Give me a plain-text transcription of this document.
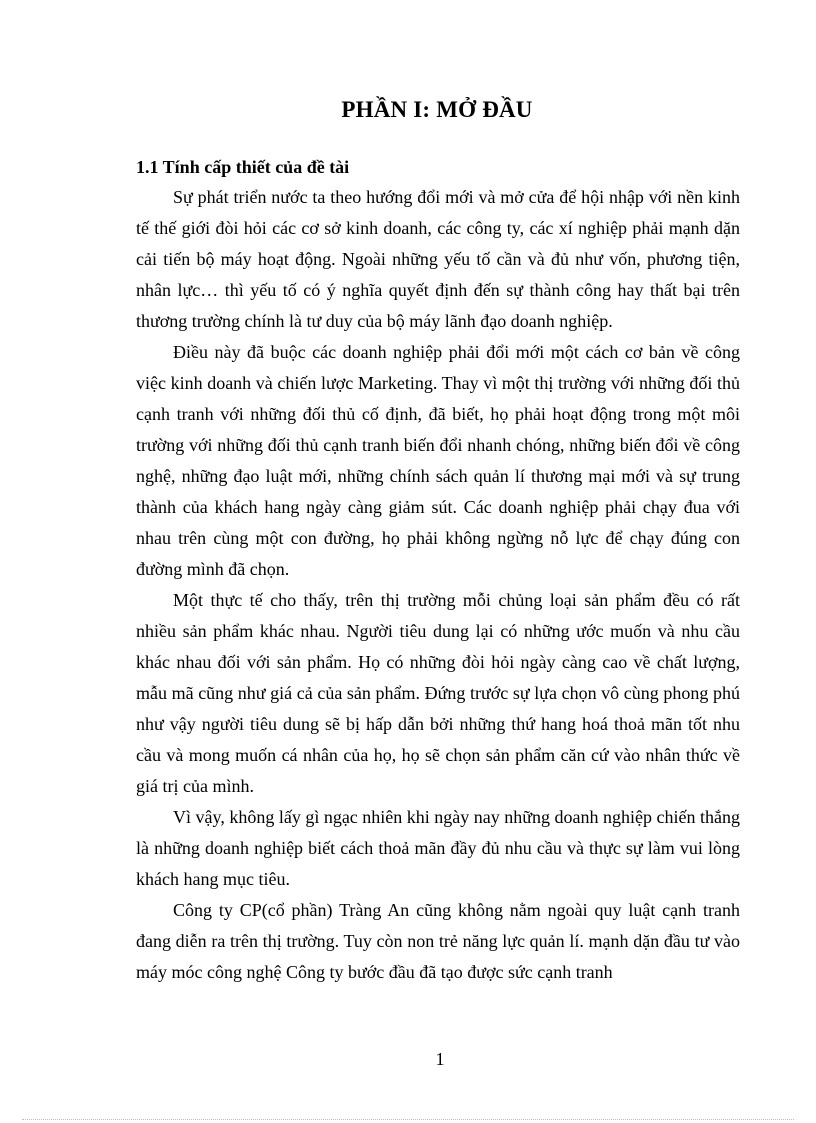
PHẦN I: MỞ ĐẦU
1.1 Tính cấp thiết của đề tài

Sự phát triển nước ta theo hướng đổi mới và mở cửa để hội nhập với nền kinh tế thế giới đòi hỏi các cơ sở kinh doanh, các công ty, các xí nghiệp phải mạnh dặn cải tiến bộ máy hoạt động. Ngoài những yếu tố cần và đủ như vốn, phương tiện, nhân lực… thì yếu tố có ý nghĩa quyết định đến sự thành công hay thất bại trên thương trường chính là tư duy của bộ máy lãnh đạo doanh nghiệp.

Điều này đã buộc các doanh nghiệp phải đổi mới một cách cơ bản về công việc kinh doanh và chiến lược Marketing. Thay vì một thị trường với những đối thủ cạnh tranh với những đối thủ cố định, đã biết, họ phải hoạt động trong một môi trường với những đối thủ cạnh tranh biến đổi nhanh chóng, những biến đổi về công nghệ, những đạo luật mới, những chính sách quản lí thương mại mới và sự trung thành của khách hang ngày càng giảm sút. Các doanh nghiệp phải chạy đua với nhau trên cùng một con đường, họ phải không ngừng nỗ lực để chạy đúng con đường mình đã chọn.

Một thực tế cho thấy, trên thị trường mỗi chủng loại sản phẩm đều có rất nhiều sản phẩm khác nhau. Người tiêu dung lại có những ước muốn và nhu cầu khác nhau đối với sản phẩm. Họ có những đòi hỏi ngày càng cao về chất lượng, mẫu mã cũng như giá cả của sản phẩm. Đứng trước sự lựa chọn vô cùng phong phú như vậy người tiêu dung sẽ bị hấp dẫn bởi những thứ hang hoá thoả mãn tốt nhu cầu và mong muốn cá nhân của họ, họ sẽ chọn sản phẩm căn cứ vào nhân thức về giá trị của mình.

Vì vậy, không lấy gì ngạc nhiên khi ngày nay những doanh nghiệp chiến thắng là những doanh nghiệp biết cách thoả mãn đầy đủ nhu cầu và thực sự làm vui lòng khách hang mục tiêu.

Công ty CP(cổ phần) Tràng An cũng không nằm ngoài quy luật cạnh tranh đang diễn ra trên thị trường. Tuy còn non trẻ năng lực quản lí. mạnh dặn đầu tư vào máy móc công nghệ Công ty bước đầu đã tạo được sức cạnh tranh

1
